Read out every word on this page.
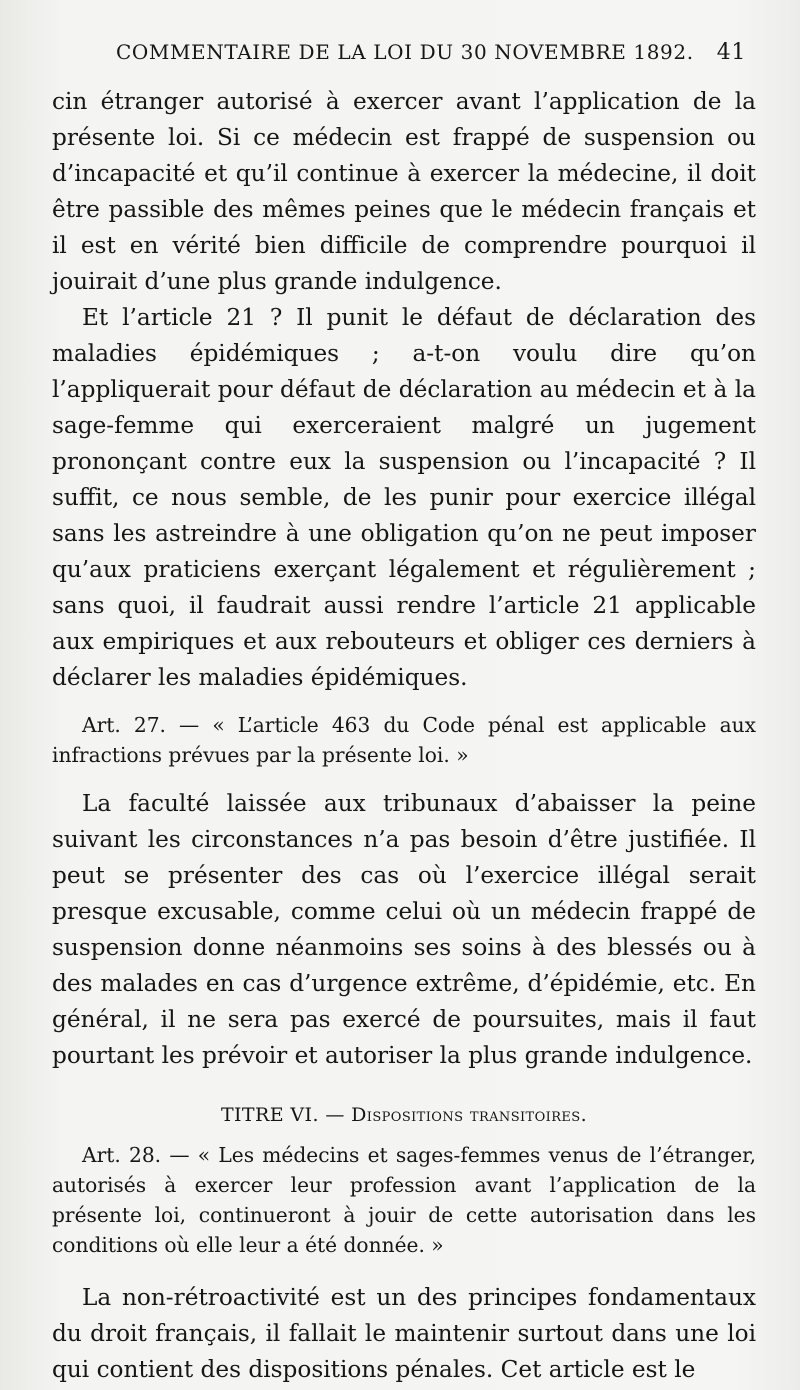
COMMENTAIRE DE LA LOI DU 30 NOVEMBRE 1892. 41

cin étranger autorisé à exercer avant l’application de la présente loi. Si ce médecin est frappé de suspension ou d’incapacité et qu’il continue à exercer la médecine, il doit être passible des mêmes peines que le médecin français et il est en vérité bien difficile de comprendre pourquoi il jouirait d’une plus grande indulgence.

Et l’article 21 ? Il punit le défaut de déclaration des maladies épidémiques ; a-t-on voulu dire qu’on l’appliquerait pour défaut de déclaration au médecin et à la sage-femme qui exerceraient malgré un jugement prononçant contre eux la suspension ou l’incapacité ? Il suffit, ce nous semble, de les punir pour exercice illégal sans les astreindre à une obligation qu’on ne peut imposer qu’aux praticiens exerçant légalement et régulièrement ; sans quoi, il faudrait aussi rendre l’article 21 applicable aux empiriques et aux rebouteurs et obliger ces derniers à déclarer les maladies épidémiques.

Art. 27. — « L’article 463 du Code pénal est applicable aux infractions prévues par la présente loi. »

La faculté laissée aux tribunaux d’abaisser la peine suivant les circonstances n’a pas besoin d’être justifiée. Il peut se présenter des cas où l’exercice illégal serait presque excusable, comme celui où un médecin frappé de suspension donne néanmoins ses soins à des blessés ou à des malades en cas d’urgence extrême, d’épidémie, etc. En général, il ne sera pas exercé de poursuites, mais il faut pourtant les prévoir et autoriser la plus grande indulgence.

TITRE VI. — Dispositions transitoires.

Art. 28. — « Les médecins et sages-femmes venus de l’étranger, autorisés à exercer leur profession avant l’application de la présente loi, continueront à jouir de cette autorisation dans les conditions où elle leur a été donnée. »

La non-rétroactivité est un des principes fondamentaux du droit français, il fallait le maintenir surtout dans une loi qui contient des dispositions pénales. Cet article est le
